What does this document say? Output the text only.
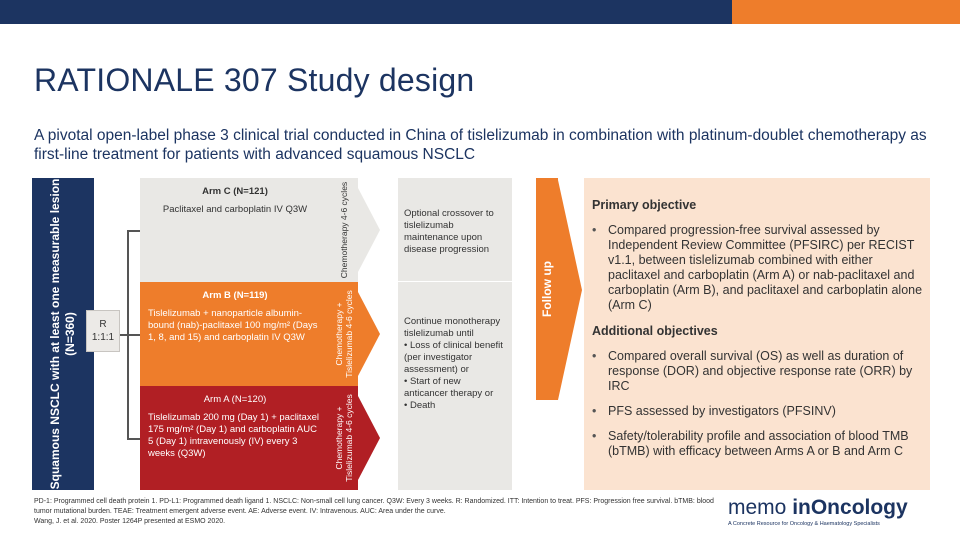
RATIONALE 307 Study design
A pivotal open-label phase 3 clinical trial conducted in China of tislelizumab in combination with platinum‐doublet chemotherapy as first-line treatment for patients with advanced squamous NSCLC
Squamous NSCLC with at least one measurable lesion (N=360)	R
1:1:1
Arm C (N=121)
Paclitaxel and carboplatin IV Q3W
Arm B (N=119)
Tislelizumab + nanoparticle albumin-bound (nab)-paclitaxel 100 mg/m² (Days 1, 8, and 15) and carboplatin IV Q3W
Arm A (N=120)
Tislelizumab 200 mg (Day 1) + paclitaxel 175 mg/m² (Day 1) and carboplatin AUC 5 (Day 1) intravenously (IV) every 3 weeks (Q3W)
Chemotherapy 4-6 cycles
Chemotherapy + Tislelizumab 4-6 cycles
Chemotherapy + Tislelizumab 4-6 cycles
Optional crossover to tislelizumab maintenance upon disease progression
Continue monotherapy tislelizumab until
• Loss of clinical benefit (per investigator assessment) or
• Start of new anticancer therapy or
• Death
Follow up
Primary objective
• Compared progression-free survival assessed by Independent Review Committee (PFSIRC) per RECIST v1.1, between tislelizumab combined with either paclitaxel and carboplatin (Arm A) or nab-paclitaxel and carboplatin (Arm B), and paclitaxel and carboplatin alone (Arm C)
Additional objectives
• Compared overall survival (OS) as well as duration of response (DOR) and objective response rate (ORR) by IRC
• PFS assessed by investigators (PFSINV)
• Safety/tolerability profile and association of blood TMB (bTMB) with efficacy between Arms A or B and Arm C
PD-1: Programmed cell death protein 1. PD-L1: Programmed death ligand 1. NSCLC: Non-small cell lung cancer. Q3W: Every 3 weeks. R: Randomized. ITT: Intention to treat. PFS: Progression free survival. bTMB: blood tumor mutational burden. TEAE: Treatment emergent adverse event. AE: Adverse event. IV: Intravenous. AUC: Area under the curve.
Wang, J. et al. 2020. Poster 1264P presented at ESMO 2020.
memo inOncology
A Concrete Resource for Oncology & Haematology Specialists
